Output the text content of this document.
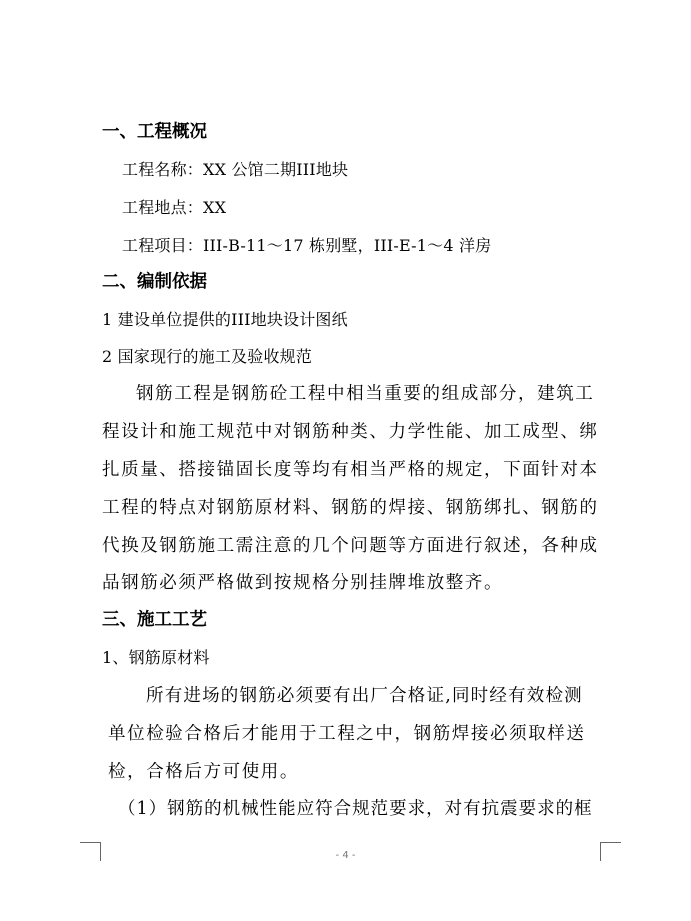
一、工程概况
工程名称：XX 公馆二期III地块
工程地点：XX
工程项目：III-B-11～17 栋别墅，III-E-1～4 洋房
二、编制依据
1 建设单位提供的III地块设计图纸
2 国家现行的施工及验收规范
钢筋工程是钢筋砼工程中相当重要的组成部分，建筑工
程设计和施工规范中对钢筋种类、力学性能、加工成型、绑
扎质量、搭接锚固长度等均有相当严格的规定，下面针对本
工程的特点对钢筋原材料、钢筋的焊接、钢筋绑扎、钢筋的
代换及钢筋施工需注意的几个问题等方面进行叙述，各种成
品钢筋必须严格做到按规格分别挂牌堆放整齐。
三、施工工艺
1、钢筋原材料
所有进场的钢筋必须要有出厂合格证,同时经有效检测
单位检验合格后才能用于工程之中，钢筋焊接必须取样送
检，合格后方可使用。
（1）钢筋的机械性能应符合规范要求，对有抗震要求的框
- 4 -
